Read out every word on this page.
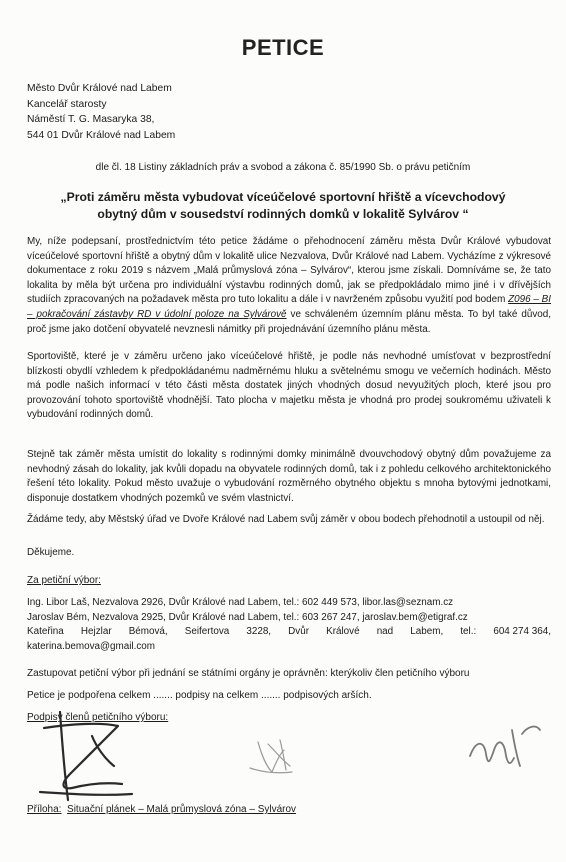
PETICE
Město Dvůr Králové nad Labem
Kancelář starosty
Náměstí T. G. Masaryka 38,
544 01 Dvůr Králové nad Labem
dle čl. 18 Listiny základních práv a svobod a zákona č. 85/1990 Sb. o právu petičním
„Proti záměru města vybudovat víceúčelové sportovní hřiště a vícevchodový obytný dům v sousedství rodinných domků v lokalitě Sylvárov “
My, níže podepsaní, prostřednictvím této petice žádáme o přehodnocení záměru města Dvůr Králové vybudovat víceúčelové sportovní hřiště a obytný dům v lokalitě ulice Nezvalova, Dvůr Králové nad Labem. Vycházíme z výkresové dokumentace z roku 2019 s názvem „Malá průmyslová zóna – Sylvárov“, kterou jsme získali. Domníváme se, že tato lokalita by měla být určena pro individuální výstavbu rodinných domů, jak se předpokládalo mimo jiné i v dřívějších studiích zpracovaných na požadavek města pro tuto lokalitu a dále i v navrženém způsobu využití pod bodem Z096 – BI – pokračování zástavby RD v údolní poloze na Sylvárově ve schváleném územním plánu města. To byl také důvod, proč jsme jako dotčení obyvatelé nevznesli námitky při projednávání územního plánu města.
Sportoviště, které je v záměru určeno jako víceúčelové hřiště, je podle nás nevhodné umísťovat v bezprostřední blízkosti obydlí vzhledem k předpokládanému nadměrnému hluku a světelnému smogu ve večerních hodinách. Město má podle našich informací v této části města dostatek jiných vhodných dosud nevyužitých ploch, které jsou pro provozování tohoto sportoviště vhodnější. Tato plocha v majetku města je vhodná pro prodej soukromému uživateli k vybudování rodinných domů.
Stejně tak záměr města umístit do lokality s rodinnými domky minimálně dvouvchodový obytný dům považujeme za nevhodný zásah do lokality, jak kvůli dopadu na obyvatele rodinných domů, tak i z pohledu celkového architektonického řešení této lokality. Pokud město uvažuje o vybudování rozměrného obytného objektu s mnoha bytovými jednotkami, disponuje dostatkem vhodných pozemků ve svém vlastnictví.
Žádáme tedy, aby Městský úřad ve Dvoře Králové nad Labem svůj záměr v obou bodech přehodnotil a ustoupil od něj.
Děkujeme.
Za petiční výbor:
Ing. Libor Laš, Nezvalova 2926, Dvůr Králové nad Labem, tel.: 602 449 573, libor.las@seznam.cz
Jaroslav Bém, Nezvalova 2925, Dvůr Králové nad Labem, tel.: 603 267 247, jaroslav.bem@etigraf.cz
Kateřina Hejzlar Bémová, Seifertova 3228, Dvůr Králové nad Labem, tel.: 604 274 364,
katerina.bemova@gmail.com
Zastupovat petiční výbor při jednání se státními orgány je oprávněn: kterýkoliv člen petičního výboru
Petice je podpořena celkem ....... podpisy na celkem ....... podpisových arších.
Podpisy členů petičního výboru:
Příloha: Situační plánek – Malá průmyslová zóna – Sylvárov
